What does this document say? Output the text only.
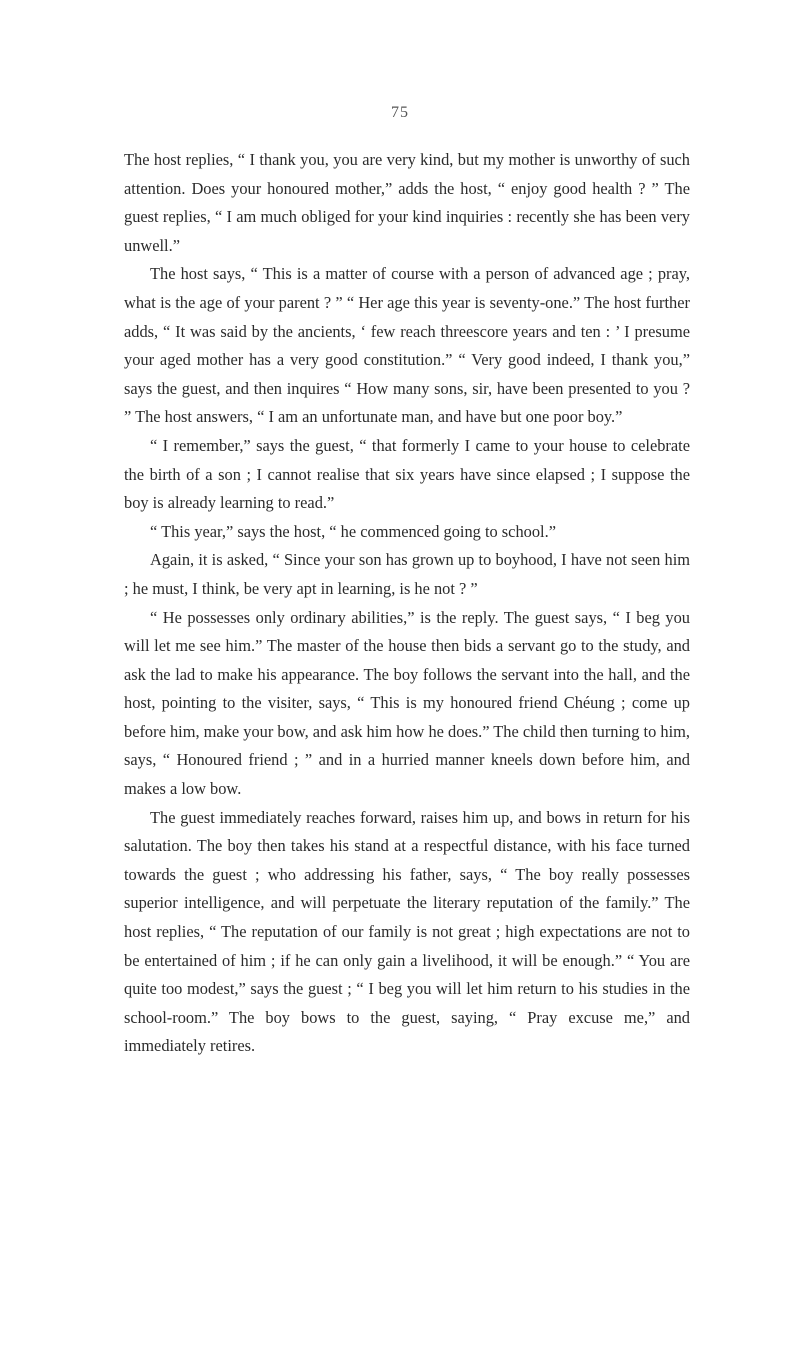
75

The host replies, “ I thank you, you are very kind, but my mother is unworthy of such attention. Does your honoured mother,” adds the host, “ enjoy good health ? ” The guest replies, “ I am much obliged for your kind inquiries : recently she has been very unwell.”

The host says, “ This is a matter of course with a person of advanced age ; pray, what is the age of your parent ? ” “ Her age this year is seventy-one.” The host further adds, “ It was said by the ancients, ‘ few reach threescore years and ten : ’ I presume your aged mother has a very good constitution.” “ Very good indeed, I thank you,” says the guest, and then inquires “ How many sons, sir, have been presented to you ? ” The host answers, “ I am an unfortunate man, and have but one poor boy.”

“ I remember,” says the guest, “ that formerly I came to your house to celebrate the birth of a son ; I cannot realise that six years have since elapsed ; I suppose the boy is already learning to read.”

“ This year,” says the host, “ he commenced going to school.”

Again, it is asked, “ Since your son has grown up to boyhood, I have not seen him ; he must, I think, be very apt in learning, is he not ? ”

“ He possesses only ordinary abilities,” is the reply. The guest says, “ I beg you will let me see him.” The master of the house then bids a servant go to the study, and ask the lad to make his appearance. The boy follows the servant into the hall, and the host, pointing to the visiter, says, “ This is my honoured friend Chéung ; come up before him, make your bow, and ask him how he does.” The child then turning to him, says, “ Honoured friend ; ” and in a hurried manner kneels down before him, and makes a low bow.

The guest immediately reaches forward, raises him up, and bows in return for his salutation. The boy then takes his stand at a respectful distance, with his face turned towards the guest ; who addressing his father, says, “ The boy really possesses superior intelligence, and will perpetuate the literary reputation of the family.” The host replies, “ The reputation of our family is not great ; high expectations are not to be entertained of him ; if he can only gain a livelihood, it will be enough.” “ You are quite too modest,” says the guest ; “ I beg you will let him return to his studies in the school-room.” The boy bows to the guest, saying, “ Pray excuse me,” and immediately retires.
